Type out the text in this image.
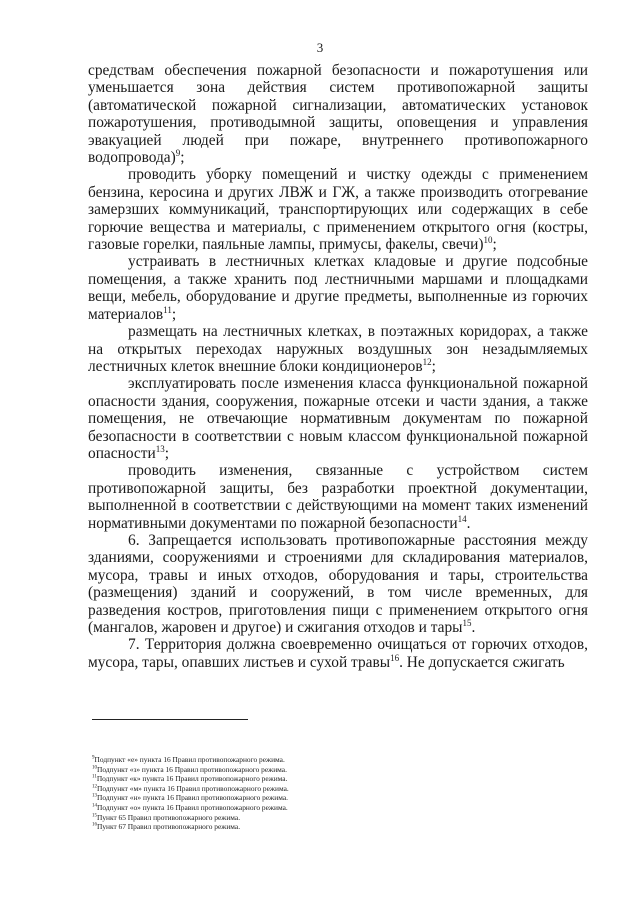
3

средствам обеспечения пожарной безопасности и пожаротушения или уменьшается зона действия систем противопожарной защиты (автоматической пожарной сигнализации, автоматических установок пожаротушения, противодымной защиты, оповещения и управления эвакуацией людей при пожаре, внутреннего противопожарного водопровода)$^9$;

проводить уборку помещений и чистку одежды с применением бензина, керосина и других ЛВЖ и ГЖ, а также производить отогревание замерзших коммуникаций, транспортирующих или содержащих в себе горючие вещества и материалы, с применением открытого огня (костры, газовые горелки, паяльные лампы, примусы, факелы, свечи)$^{10}$;

устраивать в лестничных клетках кладовые и другие подсобные помещения, а также хранить под лестничными маршами и площадками вещи, мебель, оборудование и другие предметы, выполненные из горючих материалов$^{11}$;

размещать на лестничных клетках, в поэтажных коридорах, а также на открытых переходах наружных воздушных зон незадымляемых лестничных клеток внешние блоки кондиционеров$^{12}$;

эксплуатировать после изменения класса функциональной пожарной опасности здания, сооружения, пожарные отсеки и части здания, а также помещения, не отвечающие нормативным документам по пожарной безопасности в соответствии с новым классом функциональной пожарной опасности$^{13}$;

проводить изменения, связанные с устройством систем противопожарной защиты, без разработки проектной документации, выполненной в соответствии с действующими на момент таких изменений нормативными документами по пожарной безопасности$^{14}$.

6. Запрещается использовать противопожарные расстояния между зданиями, сооружениями и строениями для складирования материалов, мусора, травы и иных отходов, оборудования и тары, строительства (размещения) зданий и сооружений, в том числе временных, для разведения костров, приготовления пищи с применением открытого огня (мангалов, жаровен и другое) и сжигания отходов и тары$^{15}$.

7. Территория должна своевременно очищаться от горючих отходов, мусора, тары, опавших листьев и сухой травы$^{16}$. Не допускается сжигать

$^9$Подпункт «е» пункта 16 Правил противопожарного режима.
$^{10}$Подпункт «з» пункта 16 Правил противопожарного режима.
$^{11}$Подпункт «к» пункта 16 Правил противопожарного режима.
$^{12}$Подпункт «м» пункта 16 Правил противопожарного режима.
$^{13}$Подпункт «н» пункта 16 Правил противопожарного режима.
$^{14}$Подпункт «о» пункта 16 Правил противопожарного режима.
$^{15}$Пункт 65 Правил противопожарного режима.
$^{16}$Пункт 67 Правил противопожарного режима.
